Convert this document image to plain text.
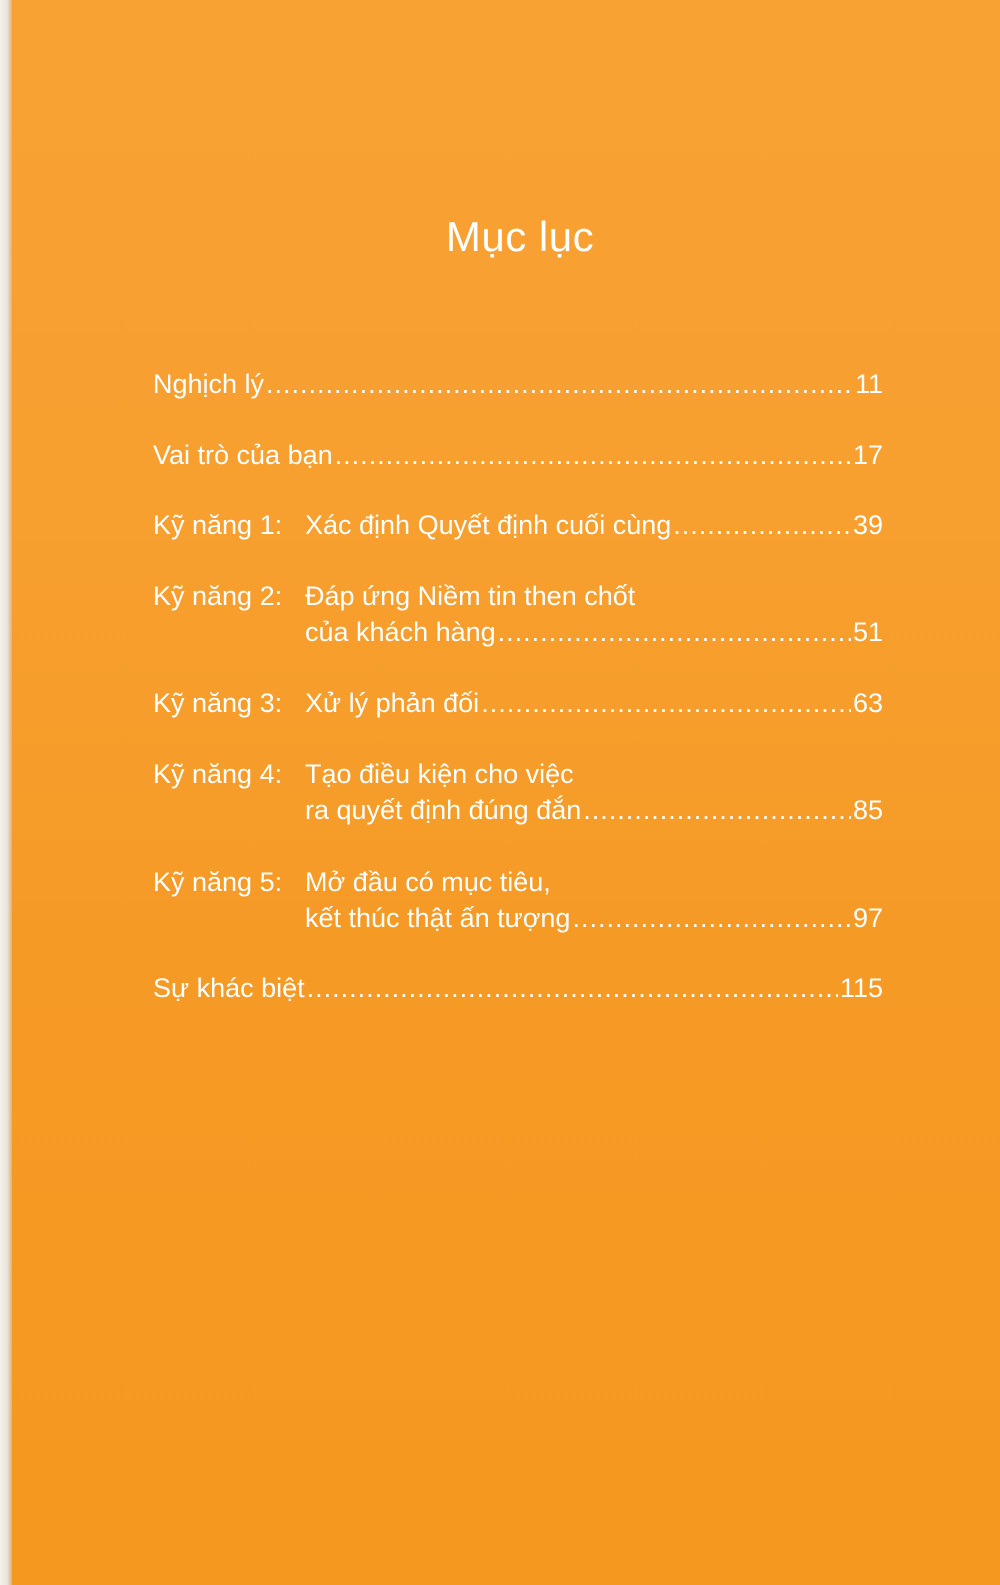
Mục lục
Nghịch lý .....	11
Vai trò của bạn .....	17
Kỹ năng 1: Xác định Quyết định cuối cùng .....	39
Kỹ năng 2: Đáp ứng Niềm tin then chốt
của khách hàng .....	51
Kỹ năng 3: Xử lý phản đối .....	63
Kỹ năng 4: Tạo điều kiện cho việc
ra quyết định đúng đắn .....	85
Kỹ năng 5: Mở đầu có mục tiêu,
kết thúc thật ấn tượng .....	97
Sự khác biệt .....	115
